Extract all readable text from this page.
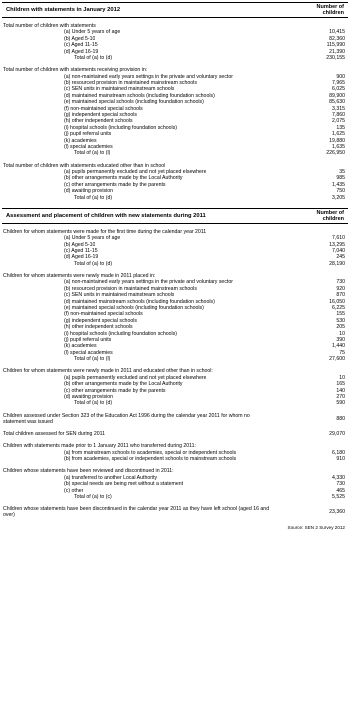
Children with statements in January 2012
Number of children
Total number of children with statements
(a) Under 5 years of age	10,415
(b) Aged 5-10	82,360
(c) Aged 11-15	115,990
(d) Aged 16-19	21,390
Total of (a) to (d)	230,155
Total number of children with statements receiving provision in:
(a) non-maintained early years settings in the private and voluntary sector	900
(b) resourced provision in maintained mainstream schools	7,965
(c) SEN units in maintained mainstream schools	6,025
(d) maintained mainstream schools (including foundation schools)	89,900
(e) maintained special schools (including foundation schools)	85,630
(f) non-maintained special schools	3,315
(g) independent special schools	7,860
(h) other independent schools	2,075
(i) hospital schools (including foundation schools)	135
(j) pupil referral units	1,625
(k) academies	19,880
(l) special academies	1,635
Total of (a) to (l)	226,950
Total number of children with statements educated other than in school
(a) pupils permanently excluded and not yet placed elsewhere	35
(b) other arrangements made by the Local Authority	985
(c) other arrangements made by the parents	1,435
(d) awaiting provision	750
Total of (a) to (d)	3,205
Assessment and placement of children with new statements during 2011
Number of children
Children for whom statements were made for the first time during the calendar year 2011
(a) Under 5 years of age	7,610
(b) Aged 5-10	13,295
(c) Aged 11-15	7,040
(d) Aged 16-19	245
Total of (a) to (d)	28,190
Children for whom statements were newly made in 2011 placed in:
(a) non-maintained early years settings in the private and voluntary sector	730
(b) resourced provision in maintained mainstream schools	920
(c) SEN units in maintained mainstream schools	870
(d) maintained mainstream schools (including foundation schools)	16,050
(e) maintained special schools (including foundation schools)	6,225
(f) non-maintained special schools	155
(g) independent special schools	530
(h) other independent schools	205
(i) hospital schools (including foundation schools)	10
(j) pupil referral units	390
(k) academies	1,440
(l) special academies	75
Total of (a) to (l)	27,600
Children for whom statements were newly made in 2011 and educated other than in school:
(a) pupils permanently excluded and not yet placed elsewhere	10
(b) other arrangements made by the Local Authority	165
(c) other arrangements made by the parents	140
(d) awaiting provision	270
Total of (a) to (d)	590
Children assessed under Section 323 of the Education Act 1996 during the calendar year 2011 for whom no statement was issued
880
Total children assessed for SEN during 2011	29,070
Children with statements made prior to 1 January 2011 who transferred during 2011:
(a) from mainstream schools to academies, special or independent schools	6,180
(b) from academies, special or independent schools to mainstream schools	910
Children whose statements have been reviewed and discontinued in 2011:
(a) transferred to another Local Authority	4,330
(b) special needs are being met without a statement	730
(c) other	465
Total of (a) to (c)	5,525
Children whose statements have been discontinued in the calendar year 2011 as they have left school (aged 16 and over)
23,360
Source: SEN 2 Survey 2012
